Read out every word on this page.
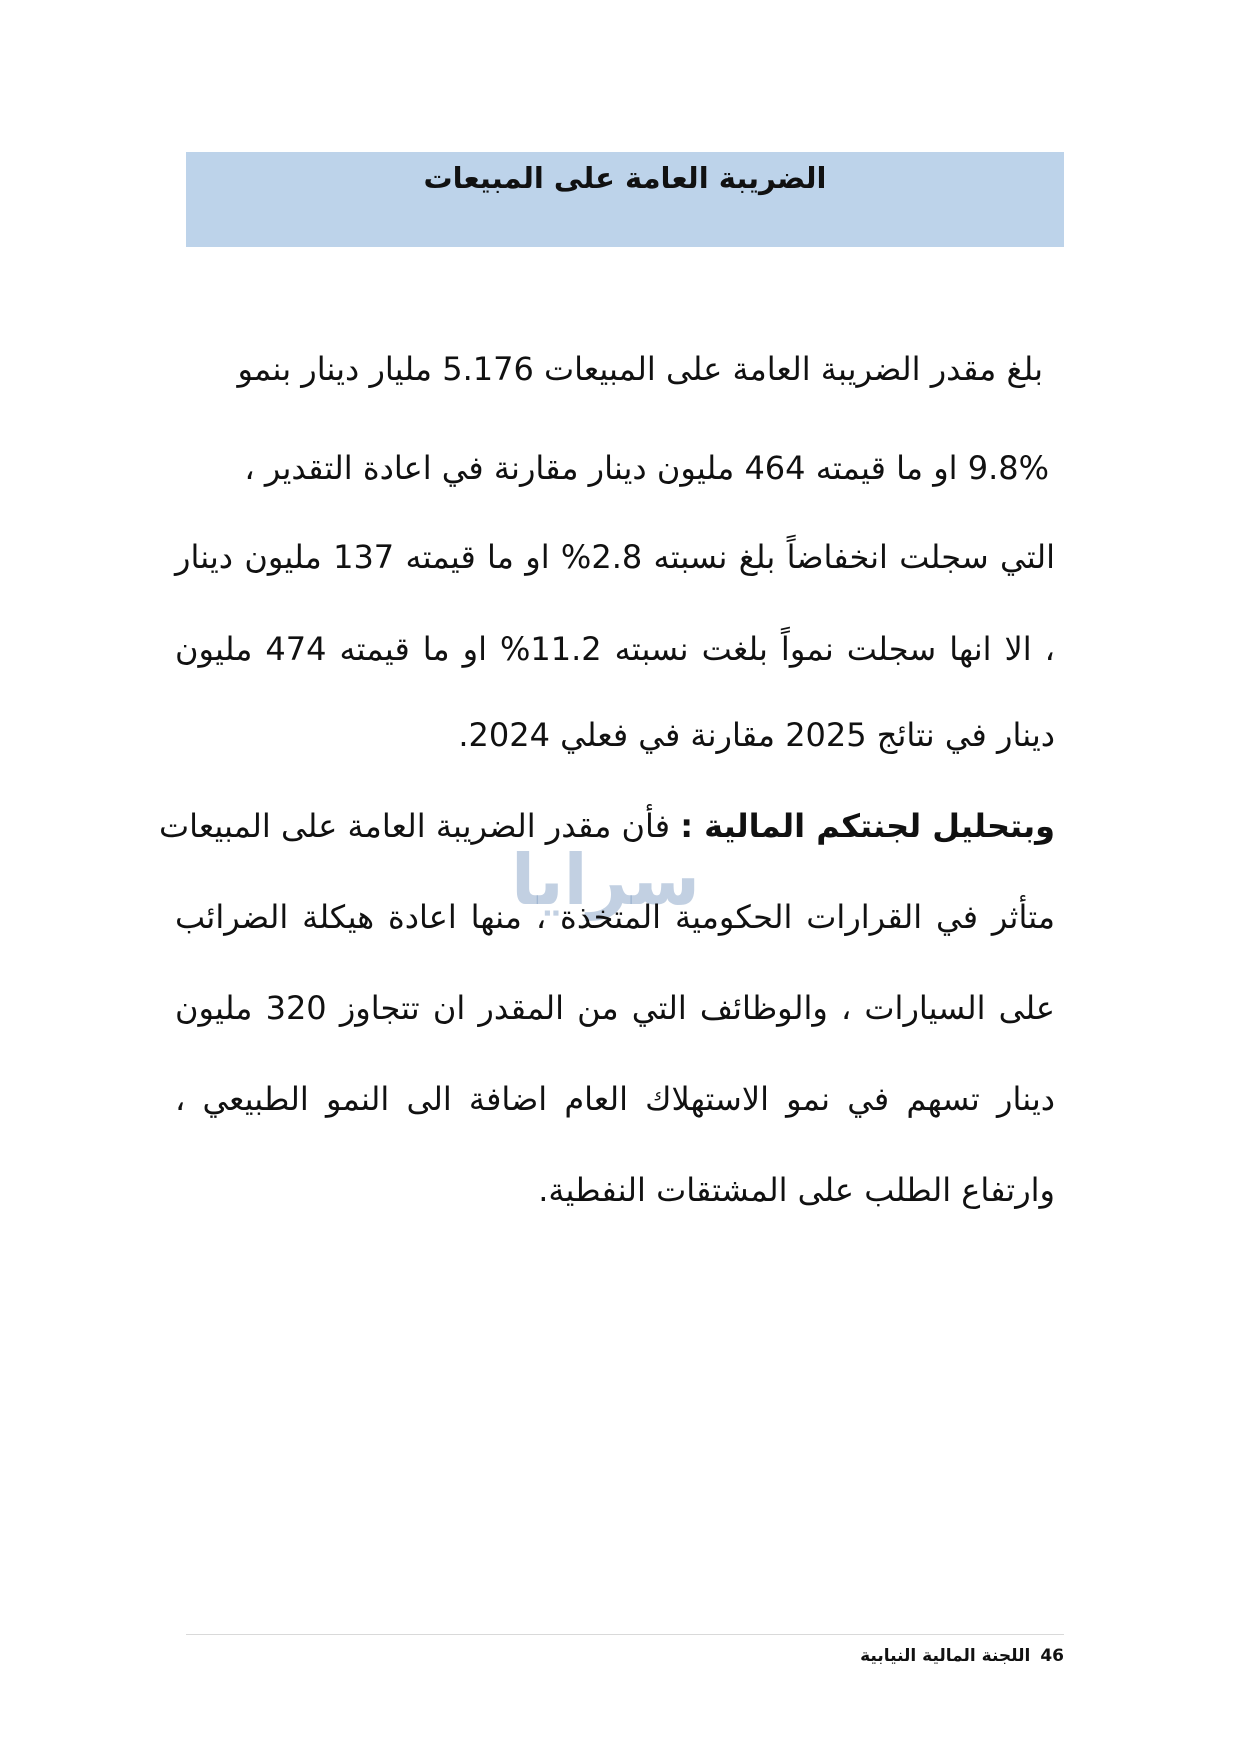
الضريبة العامة على المبيعات
بلغ مقدر الضريبة العامة على المبيعات 5.176 مليار دينار بنمو
9.8% او ما قيمته 464 مليون دينار مقارنة في اعادة التقدير ،
التي سجلت انخفاضاً بلغ نسبته 2.8% او ما قيمته 137 مليون دينار
، الا انها سجلت نمواً بلغت نسبته 11.2% او ما قيمته 474 مليون
دينار في نتائج 2025 مقارنة في فعلي 2024.
سرايا
وبتحليل لجنتكم المالية : فأن مقدر الضريبة العامة على المبيعات
متأثر في القرارات الحكومية المتخذة ، منها اعادة هيكلة الضرائب
على السيارات ، والوظائف التي من المقدر ان تتجاوز 320 مليون
دينار تسهم في نمو الاستهلاك العام اضافة الى النمو الطبيعي ،
وارتفاع الطلب على المشتقات النفطية.
46اللجنة المالية النيابية
